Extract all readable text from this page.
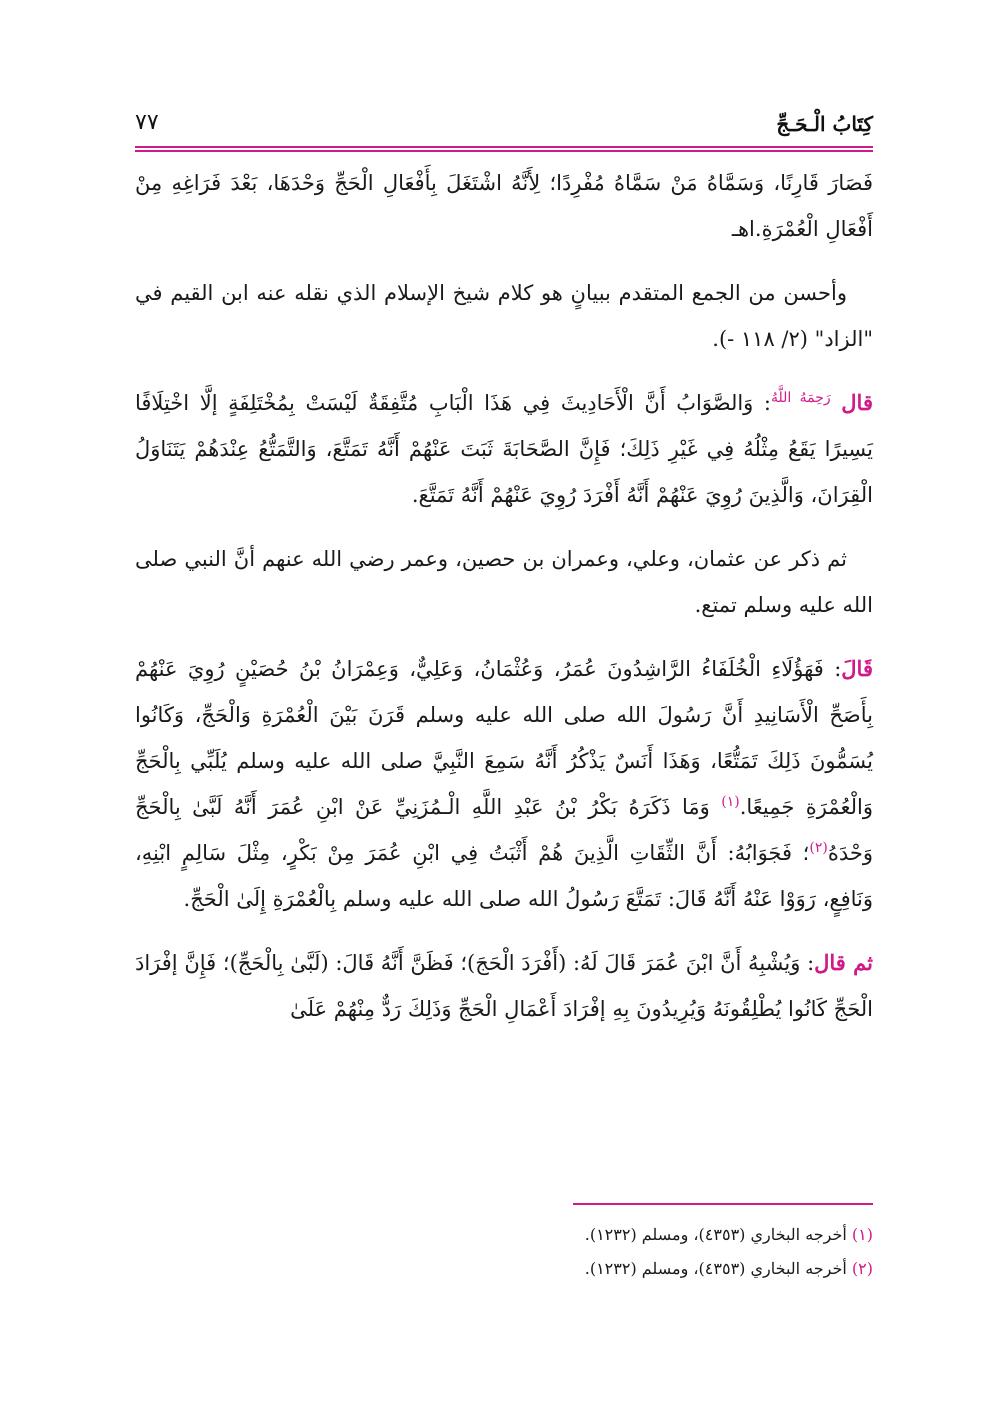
كِتَابُ الْـحَـجِّ
٧٧

فَصَارَ قَارِنًا، وَسَمَّاهُ مَنْ سَمَّاهُ مُفْرِدًا؛ لِأَنَّهُ اشْتَغَلَ بِأَفْعَالِ الْحَجِّ وَحْدَهَا، بَعْدَ فَرَاغِهِ مِنْ أَفْعَالِ الْعُمْرَةِ.اهـ

وأحسن من الجمع المتقدم ببيانٍ هو كلام شيخ الإسلام الذي نقله عنه ابن القيم في "الزاد" (٢/ ١١٨ -).

قال $^{رَحِمَهُ اللَّهُ}$: وَالصَّوَابُ أَنَّ الْأَحَادِيثَ فِي هَذَا الْبَابِ مُتَّفِقَةٌ لَيْسَتْ بِمُخْتَلِفَةٍ إلَّا اخْتِلَافًا يَسِيرًا يَقَعُ مِثْلُهُ فِي غَيْرِ ذَلِكَ؛ فَإِنَّ الصَّحَابَةَ ثَبَتَ عَنْهُمْ أَنَّهُ تَمَتَّعَ، وَالتَّمَتُّعُ عِنْدَهُمْ يَتَنَاوَلُ الْقِرَانَ، وَالَّذِينَ رُوِيَ عَنْهُمْ أَنَّهُ أَفْرَدَ رُوِيَ عَنْهُمْ أَنَّهُ تَمَتَّعَ.

ثم ذكر عن عثمان، وعلي، وعمران بن حصين، وعمر رضي الله عنهم أنَّ النبي صلى الله عليه وسلم تمتع.

قَالَ: فَهَؤُلَاءِ الْخُلَفَاءُ الرَّاشِدُونَ عُمَرُ، وَعُثْمَانُ، وَعَلِيٌّ، وَعِمْرَانُ بْنُ حُصَيْنٍ رُوِيَ عَنْهُمْ بِأَصَحِّ الْأَسَانِيدِ أَنَّ رَسُولَ الله صلى الله عليه وسلم قَرَنَ بَيْنَ الْعُمْرَةِ وَالْحَجِّ، وَكَانُوا يُسَمُّونَ ذَلِكَ تَمَتُّعًا، وَهَذَا أَنَسٌ يَذْكُرُ أَنَّهُ سَمِعَ النَّبِيَّ صلى الله عليه وسلم يُلَبِّي بِالْحَجِّ وَالْعُمْرَةِ جَمِيعًا.$^{(١)}$ وَمَا ذَكَرَهُ بَكْرُ بْنُ عَبْدِ اللَّهِ الْـمُزَنِيِّ عَنْ ابْنِ عُمَرَ أَنَّهُ لَبَّىٰ بِالْحَجِّ وَحْدَهُ$^{(٢)}$؛ فَجَوَابُهُ: أَنَّ الثِّقَاتِ الَّذِينَ هُمْ أَثْبَتُ فِي ابْنِ عُمَرَ مِنْ بَكْرٍ، مِثْلَ سَالِمٍ ابْنِهِ، وَنَافِعٍ، رَوَوْا عَنْهُ أَنَّهُ قَالَ: تَمَتَّعَ رَسُولُ الله صلى الله عليه وسلم بِالْعُمْرَةِ إِلَىٰ الْحَجِّ.

ثم قال: وَيُشْبِهُ أَنَّ ابْنَ عُمَرَ قَالَ لَهُ: (أَفْرَدَ الْحَجَ)؛ فَظَنَّ أَنَّهُ قَالَ: (لَبَّىٰ بِالْحَجِّ)؛ فَإِنَّ إفْرَادَ الْحَجِّ كَانُوا يُطْلِقُونَهُ وَيُرِيدُونَ بِهِ إفْرَادَ أَعْمَالِ الْحَجِّ وَذَلِكَ رَدٌّ مِنْهُمْ عَلَىٰ

(١) أخرجه البخاري (٤٣٥٣)، ومسلم (١٢٣٢).
(٢) أخرجه البخاري (٤٣٥٣)، ومسلم (١٢٣٢).
